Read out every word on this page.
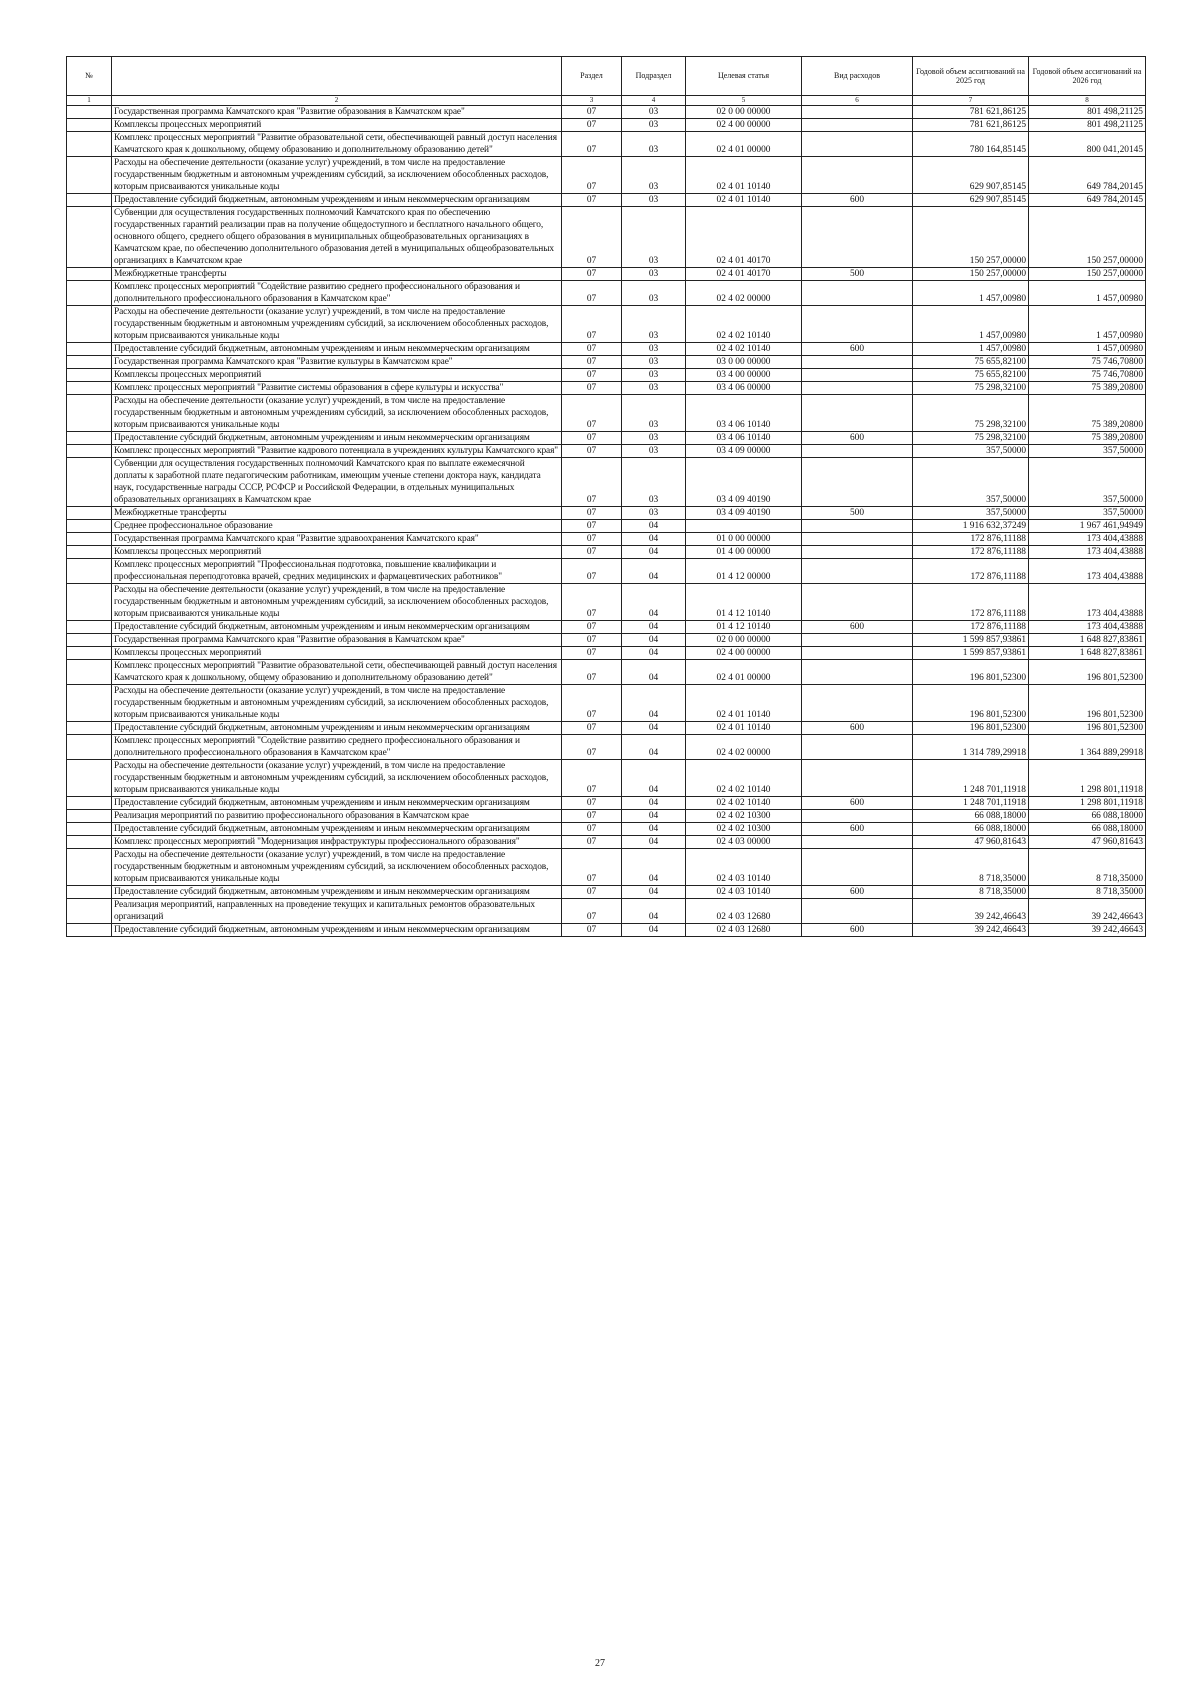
№		Раздел	Подраздел	Целевая статья	Вид расходов	Годовой объем ассигнований на 2025 год	Годовой объем ассигнований на 2026 год
1	2	3	4	5	6	7	8
	Государственная программа Камчатского края "Развитие образования в Камчатском крае"	07	03	02 0 00 00000		781 621,86125	801 498,21125
	Комплексы процессных мероприятий	07	03	02 4 00 00000		781 621,86125	801 498,21125
	Комплекс процессных мероприятий "Развитие образовательной сети, обеспечивающей равный доступ населения Камчатского края к дошкольному, общему образованию и дополнительному образованию детей"	07	03	02 4 01 00000		780 164,85145	800 041,20145
	Расходы на обеспечение деятельности (оказание услуг) учреждений, в том числе на предоставление государственным бюджетным и автономным учреждениям субсидий, за исключением обособленных расходов, которым присваиваются уникальные коды	07	03	02 4 01 10140		629 907,85145	649 784,20145
	Предоставление субсидий бюджетным, автономным учреждениям и иным некоммерческим организациям	07	03	02 4 01 10140	600	629 907,85145	649 784,20145
	Субвенции для осуществления государственных полномочий Камчатского края по обеспечению государственных гарантий реализации прав на получение общедоступного и бесплатного начального общего, основного общего, среднего общего образования в муниципальных общеобразовательных организациях в Камчатском крае, по обеспечению дополнительного образования детей в муниципальных общеобразовательных организациях в Камчатском крае	07	03	02 4 01 40170		150 257,00000	150 257,00000
	Межбюджетные трансферты	07	03	02 4 01 40170	500	150 257,00000	150 257,00000
	Комплекс процессных мероприятий "Содействие развитию среднего профессионального образования и дополнительного профессионального образования в Камчатском крае"	07	03	02 4 02 00000		1 457,00980	1 457,00980
	Расходы на обеспечение деятельности (оказание услуг) учреждений, в том числе на предоставление государственным бюджетным и автономным учреждениям субсидий, за исключением обособленных расходов, которым присваиваются уникальные коды	07	03	02 4 02 10140		1 457,00980	1 457,00980
	Предоставление субсидий бюджетным, автономным учреждениям и иным некоммерческим организациям	07	03	02 4 02 10140	600	1 457,00980	1 457,00980
	Государственная программа Камчатского края "Развитие культуры в Камчатском крае"	07	03	03 0 00 00000		75 655,82100	75 746,70800
	Комплексы процессных мероприятий	07	03	03 4 00 00000		75 655,82100	75 746,70800
	Комплекс процессных мероприятий "Развитие системы образования в сфере культуры и искусства"	07	03	03 4 06 00000		75 298,32100	75 389,20800
	Расходы на обеспечение деятельности (оказание услуг) учреждений, в том числе на предоставление государственным бюджетным и автономным учреждениям субсидий, за исключением обособленных расходов, которым присваиваются уникальные коды	07	03	03 4 06 10140		75 298,32100	75 389,20800
	Предоставление субсидий бюджетным, автономным учреждениям и иным некоммерческим организациям	07	03	03 4 06 10140	600	75 298,32100	75 389,20800
	Комплекс процессных мероприятий "Развитие кадрового потенциала в учреждениях культуры Камчатского края"	07	03	03 4 09 00000		357,50000	357,50000
	Субвенции для осуществления государственных полномочий Камчатского края по выплате ежемесячной доплаты к заработной плате педагогическим работникам, имеющим ученые степени доктора наук, кандидата наук, государственные награды СССР, РСФСР и Российской Федерации, в отдельных муниципальных образовательных организациях в Камчатском крае	07	03	03 4 09 40190		357,50000	357,50000
	Межбюджетные трансферты	07	03	03 4 09 40190	500	357,50000	357,50000
	Среднее профессиональное образование	07	04			1 916 632,37249	1 967 461,94949
	Государственная программа Камчатского края "Развитие здравоохранения Камчатского края"	07	04	01 0 00 00000		172 876,11188	173 404,43888
	Комплексы процессных мероприятий	07	04	01 4 00 00000		172 876,11188	173 404,43888
	Комплекс процессных мероприятий "Профессиональная подготовка, повышение квалификации и профессиональная переподготовка врачей, средних медицинских и фармацевтических работников"	07	04	01 4 12 00000		172 876,11188	173 404,43888
	Расходы на обеспечение деятельности (оказание услуг) учреждений, в том числе на предоставление государственным бюджетным и автономным учреждениям субсидий, за исключением обособленных расходов, которым присваиваются уникальные коды	07	04	01 4 12 10140		172 876,11188	173 404,43888
	Предоставление субсидий бюджетным, автономным учреждениям и иным некоммерческим организациям	07	04	01 4 12 10140	600	172 876,11188	173 404,43888
	Государственная программа Камчатского края "Развитие образования в Камчатском крае"	07	04	02 0 00 00000		1 599 857,93861	1 648 827,83861
	Комплексы процессных мероприятий	07	04	02 4 00 00000		1 599 857,93861	1 648 827,83861
	Комплекс процессных мероприятий "Развитие образовательной сети, обеспечивающей равный доступ населения Камчатского края к дошкольному, общему образованию и дополнительному образованию детей"	07	04	02 4 01 00000		196 801,52300	196 801,52300
	Расходы на обеспечение деятельности (оказание услуг) учреждений, в том числе на предоставление государственным бюджетным и автономным учреждениям субсидий, за исключением обособленных расходов, которым присваиваются уникальные коды	07	04	02 4 01 10140		196 801,52300	196 801,52300
	Предоставление субсидий бюджетным, автономным учреждениям и иным некоммерческим организациям	07	04	02 4 01 10140	600	196 801,52300	196 801,52300
	Комплекс процессных мероприятий "Содействие развитию среднего профессионального образования и дополнительного профессионального образования в Камчатском крае"	07	04	02 4 02 00000		1 314 789,29918	1 364 889,29918
	Расходы на обеспечение деятельности (оказание услуг) учреждений, в том числе на предоставление государственным бюджетным и автономным учреждениям субсидий, за исключением обособленных расходов, которым присваиваются уникальные коды	07	04	02 4 02 10140		1 248 701,11918	1 298 801,11918
	Предоставление субсидий бюджетным, автономным учреждениям и иным некоммерческим организациям	07	04	02 4 02 10140	600	1 248 701,11918	1 298 801,11918
	Реализация мероприятий по развитию профессионального образования в Камчатском крае	07	04	02 4 02 10300		66 088,18000	66 088,18000
	Предоставление субсидий бюджетным, автономным учреждениям и иным некоммерческим организациям	07	04	02 4 02 10300	600	66 088,18000	66 088,18000
	Комплекс процессных мероприятий "Модернизация инфраструктуры профессионального образования"	07	04	02 4 03 00000		47 960,81643	47 960,81643
	Расходы на обеспечение деятельности (оказание услуг) учреждений, в том числе на предоставление государственным бюджетным и автономным учреждениям субсидий, за исключением обособленных расходов, которым присваиваются уникальные коды	07	04	02 4 03 10140		8 718,35000	8 718,35000
	Предоставление субсидий бюджетным, автономным учреждениям и иным некоммерческим организациям	07	04	02 4 03 10140	600	8 718,35000	8 718,35000
	Реализация мероприятий, направленных на проведение текущих и капитальных ремонтов образовательных организаций	07	04	02 4 03 12680		39 242,46643	39 242,46643
	Предоставление субсидий бюджетным, автономным учреждениям и иным некоммерческим организациям	07	04	02 4 03 12680	600	39 242,46643	39 242,46643
27
